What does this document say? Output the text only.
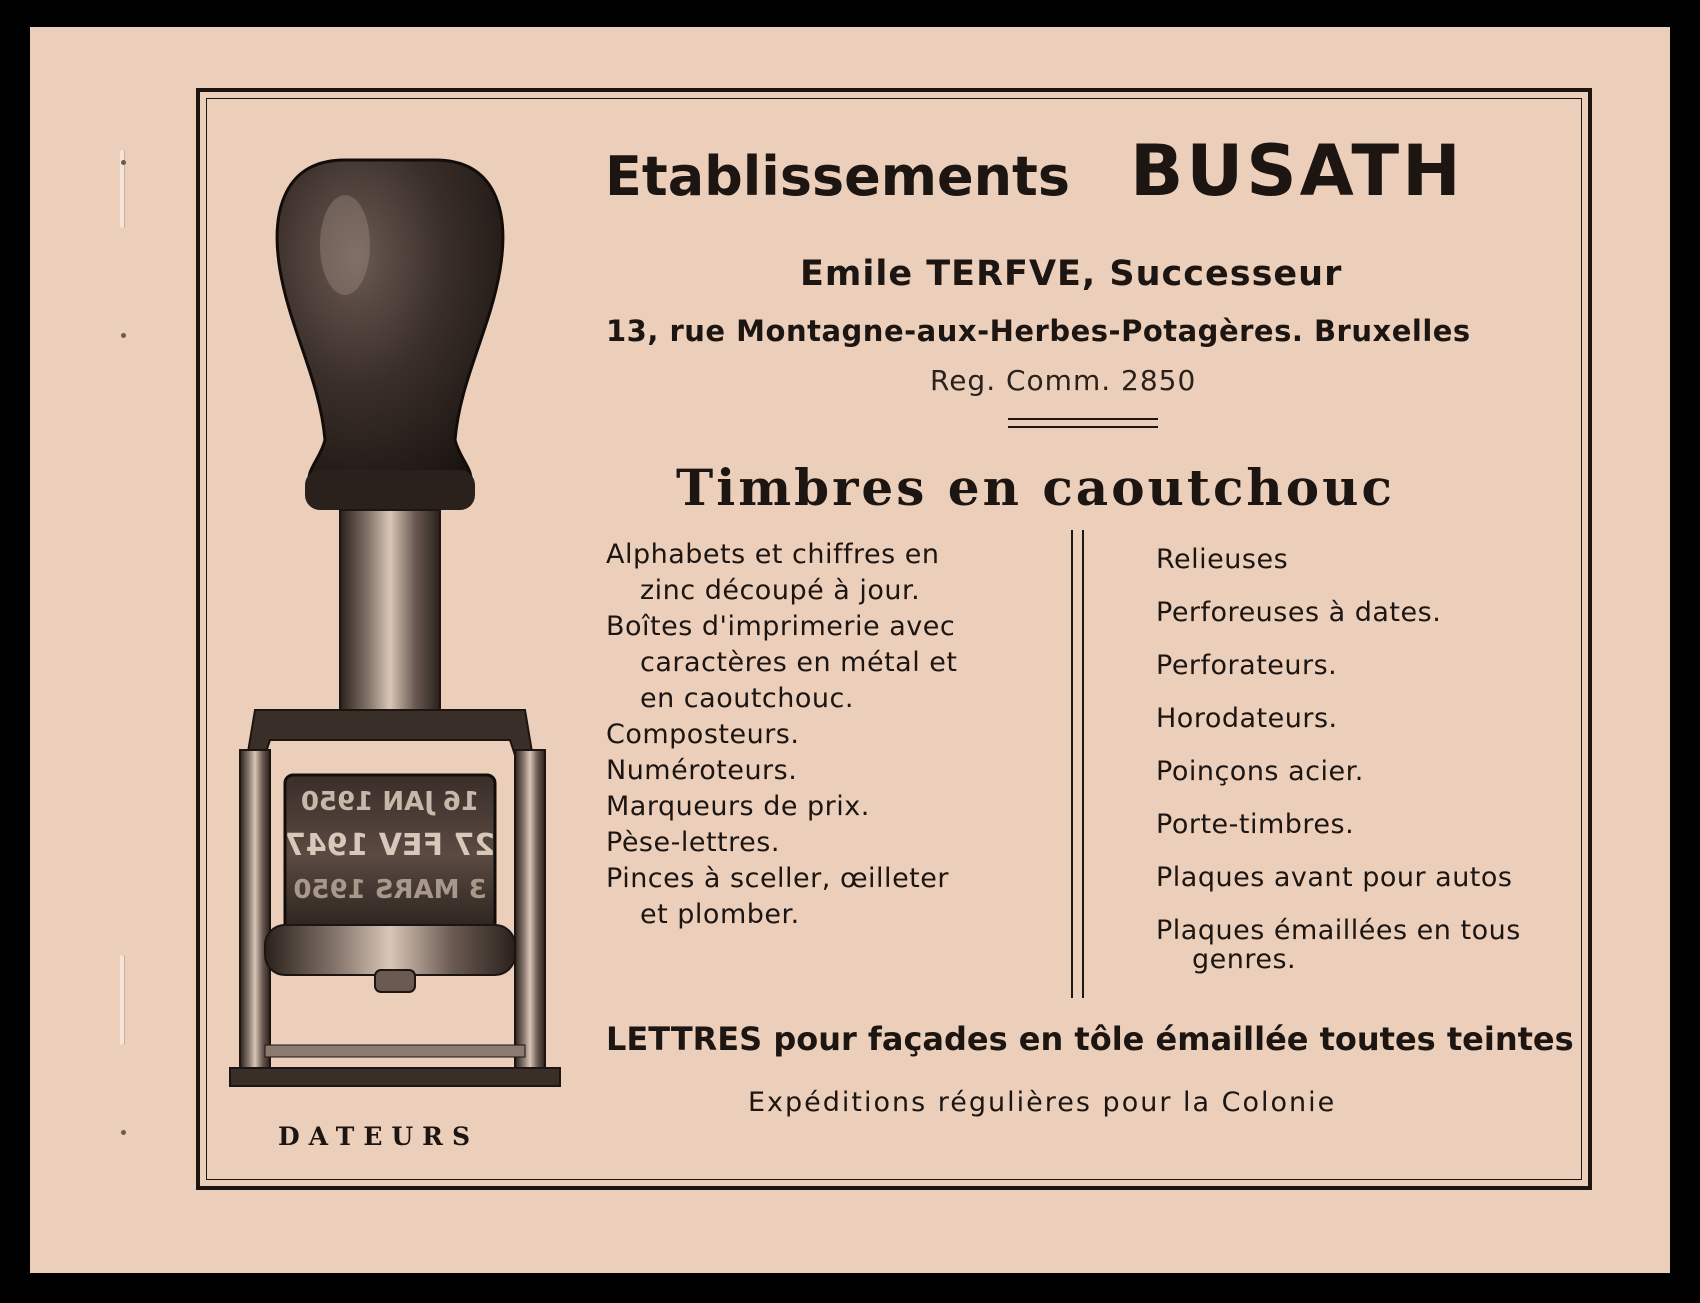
16 JAN 1950
27 FEV 1947
3 MARS 1950
DATEURS
Etablissements BUSATH
Emile TERFVE, Successeur
13, rue Montagne-aux-Herbes-Potagères. Bruxelles
Reg. Comm. 2850
Timbres en caoutchouc
Alphabets et chiffres en
zinc découpé à jour.
Boîtes d'imprimerie avec
caractères en métal et
en caoutchouc.
Composteurs.
Numéroteurs.
Marqueurs de prix.
Pèse-lettres.
Pinces à sceller, œilleter
et plomber.
Relieuses
Perforeuses à dates.
Perforateurs.
Horodateurs.
Poinçons acier.
Porte-timbres.
Plaques avant pour autos
Plaques émaillées en tous
genres.
LETTRES pour façades en tôle émaillée toutes teintes
Expéditions régulières pour la Colonie
